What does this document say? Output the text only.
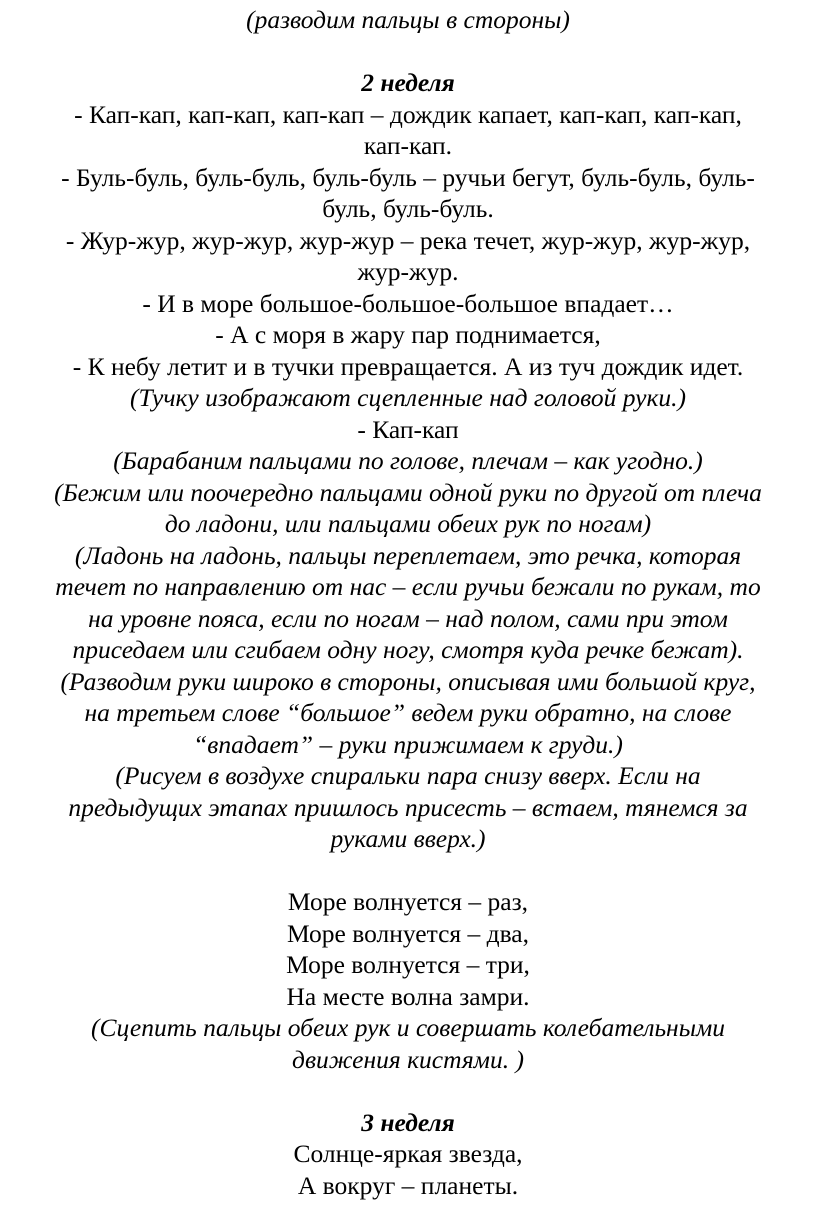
(разводим пальцы в стороны)
2 неделя
- Кап-кап, кап-кап, кап-кап – дождик капает, кап-кап, кап-кап,
кап-кап.
- Буль-буль, буль-буль, буль-буль – ручьи бегут, буль-буль, буль-
буль, буль-буль.
- Жур-жур, жур-жур, жур-жур – река течет, жур-жур, жур-жур,
жур-жур.
- И в море большое-большое-большое впадает…
- А с моря в жару пар поднимается,
- К небу летит и в тучки превращается. А из туч дождик идет.
(Тучку изображают сцепленные над головой руки.)
- Кап-кап
(Барабаним пальцами по голове, плечам – как угодно.)
(Бежим или поочередно пальцами одной руки по другой от плеча
до ладони, или пальцами обеих рук по ногам)
(Ладонь на ладонь, пальцы переплетаем, это речка, которая
течет по направлению от нас – если ручьи бежали по рукам, то
на уровне пояса, если по ногам – над полом, сами при этом
приседаем или сгибаем одну ногу, смотря куда речке бежат).
(Разводим руки широко в стороны, описывая ими большой круг,
на третьем слове “большое” ведем руки обратно, на слове
“впадает” – руки прижимаем к груди.)
(Рисуем в воздухе спиральки пара снизу вверх. Если на
предыдущих этапах пришлось присесть – встаем, тянемся за
руками вверх.)
Море волнуется – раз,
Море волнуется – два,
Море волнуется – три,
На месте волна замри.
(Сцепить пальцы обеих рук и совершать колебательными
движения кистями. )
3 неделя
Солнце-яркая звезда,
А вокруг – планеты.
